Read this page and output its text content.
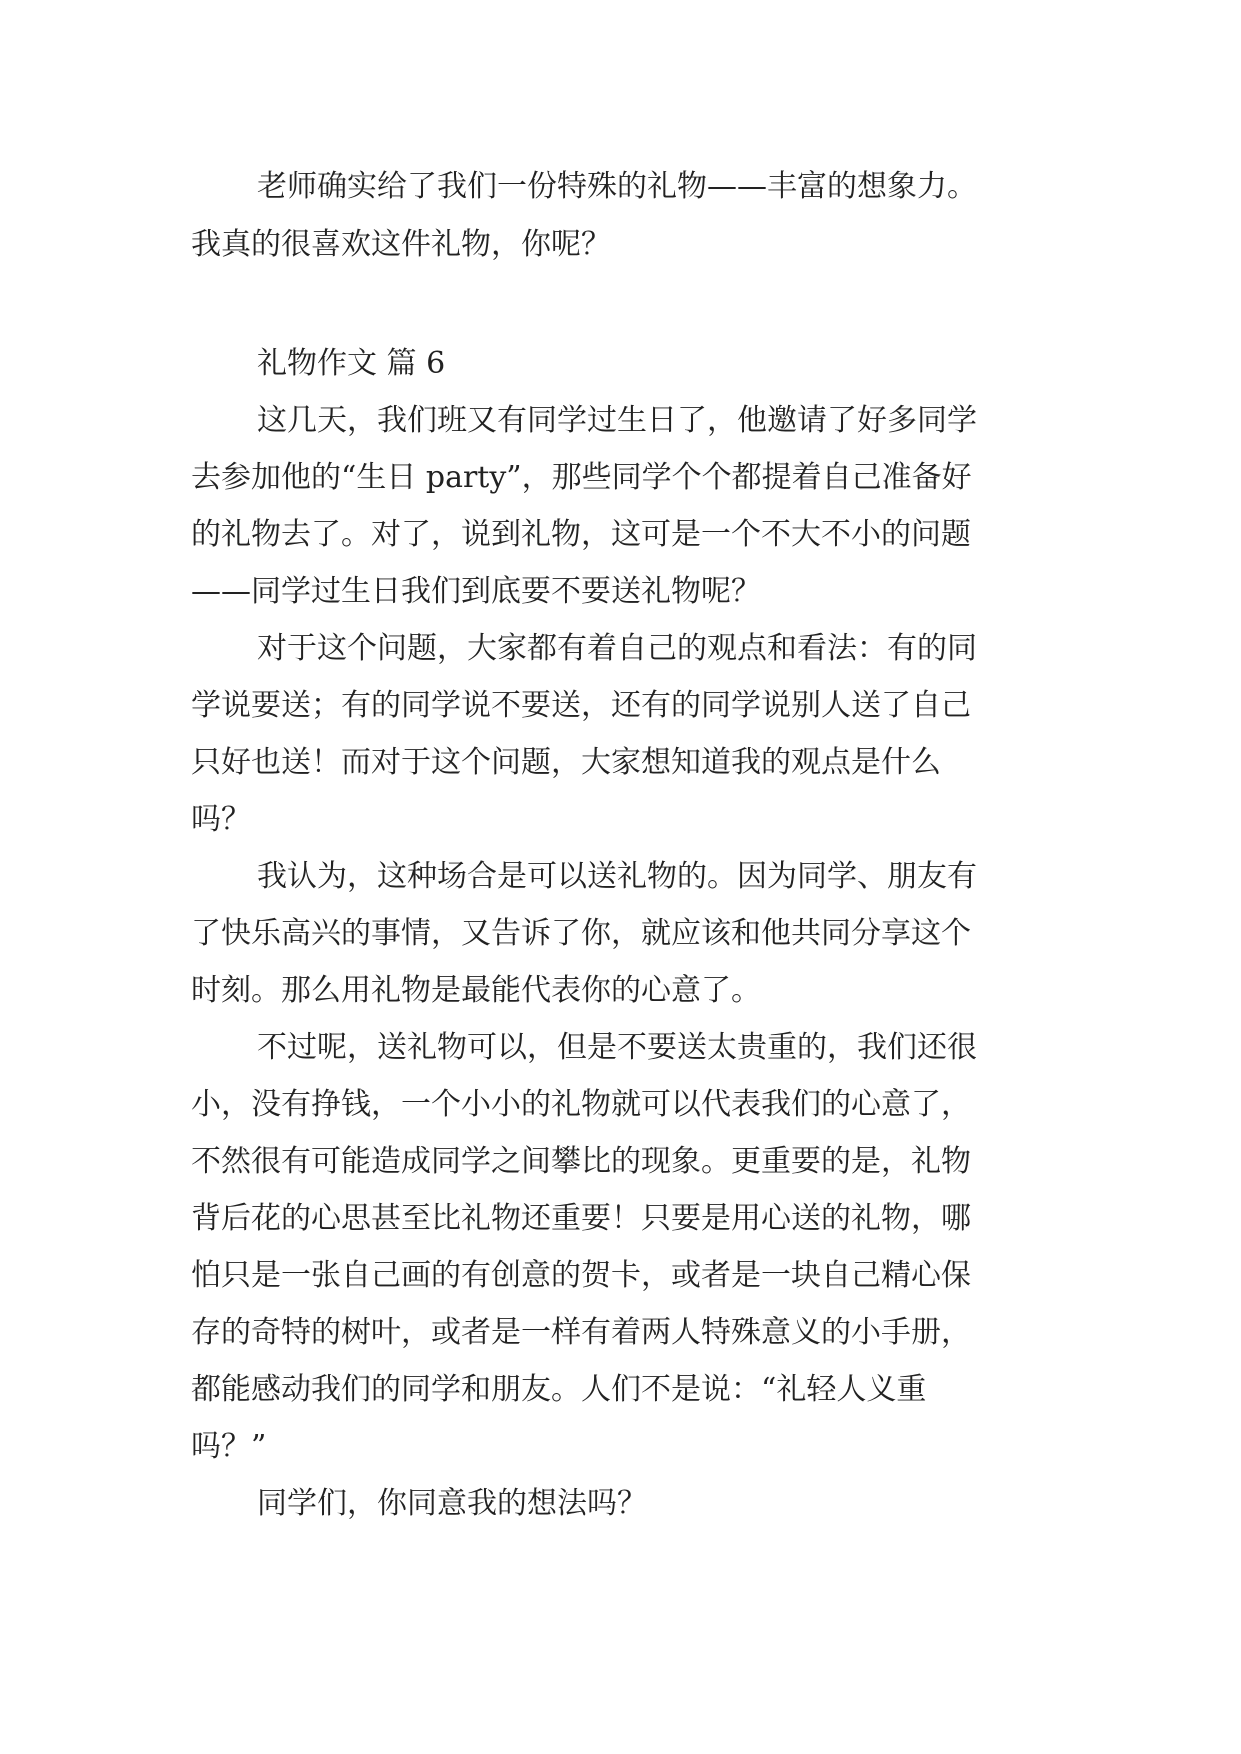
老师确实给了我们一份特殊的礼物——丰富的想象力。
我真的很喜欢这件礼物，你呢？
礼物作文 篇 6
这几天，我们班又有同学过生日了，他邀请了好多同学
去参加他的“生日 party”，那些同学个个都提着自己准备好
的礼物去了。对了，说到礼物，这可是一个不大不小的问题
——同学过生日我们到底要不要送礼物呢？
对于这个问题，大家都有着自己的观点和看法：有的同
学说要送；有的同学说不要送，还有的同学说别人送了自己
只好也送！而对于这个问题，大家想知道我的观点是什么
吗？
我认为，这种场合是可以送礼物的。因为同学、朋友有
了快乐高兴的事情，又告诉了你，就应该和他共同分享这个
时刻。那么用礼物是最能代表你的心意了。
不过呢，送礼物可以，但是不要送太贵重的，我们还很
小，没有挣钱，一个小小的礼物就可以代表我们的心意了，
不然很有可能造成同学之间攀比的现象。更重要的是，礼物
背后花的心思甚至比礼物还重要！只要是用心送的礼物，哪
怕只是一张自己画的有创意的贺卡，或者是一块自己精心保
存的奇特的树叶，或者是一样有着两人特殊意义的小手册，
都能感动我们的同学和朋友。人们不是说：“礼轻人义重
吗？”
同学们，你同意我的想法吗？
